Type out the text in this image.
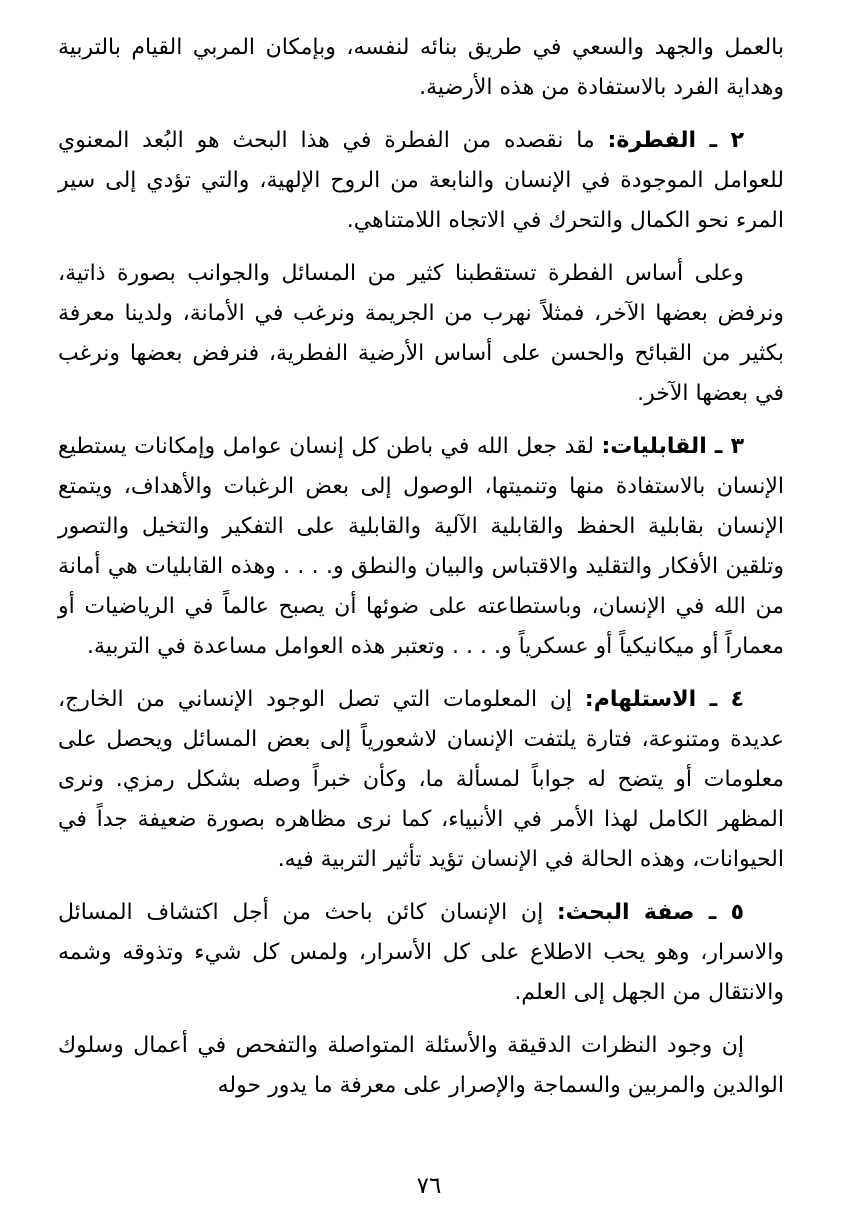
بالعمل والجهد والسعي في طريق بنائه لنفسه، وبإمكان المربي القيام بالتربية وهداية الفرد بالاستفادة من هذه الأرضية.

٢ ـ الفطرة: ما نقصده من الفطرة في هذا البحث هو البُعد المعنوي للعوامل الموجودة في الإنسان والنابعة من الروح الإلهية، والتي تؤدي إلى سير المرء نحو الكمال والتحرك في الاتجاه اللامتناهي.

وعلى أساس الفطرة تستقطبنا كثير من المسائل والجوانب بصورة ذاتية، ونرفض بعضها الآخر، فمثلاً نهرب من الجريمة ونرغب في الأمانة، ولدينا معرفة بكثير من القبائح والحسن على أساس الأرضية الفطرية، فنرفض بعضها ونرغب في بعضها الآخر.

٣ ـ القابليات: لقد جعل الله في باطن كل إنسان عوامل وإمكانات يستطيع الإنسان بالاستفادة منها وتنميتها، الوصول إلى بعض الرغبات والأهداف، ويتمتع الإنسان بقابلية الحفظ والقابلية الآلية والقابلية على التفكير والتخيل والتصور وتلقين الأفكار والتقليد والاقتباس والبيان والنطق و. . . . وهذه القابليات هي أمانة من الله في الإنسان، وباستطاعته على ضوئها أن يصبح عالماً في الرياضيات أو معماراً أو ميكانيكياً أو عسكرياً و. . . . وتعتبر هذه العوامل مساعدة في التربية.

٤ ـ الاستلهام: إن المعلومات التي تصل الوجود الإنساني من الخارج، عديدة ومتنوعة، فتارة يلتفت الإنسان لاشعورياً إلى بعض المسائل ويحصل على معلومات أو يتضح له جواباً لمسألة ما، وكأن خبراً وصله بشكل رمزي. ونرى المظهر الكامل لهذا الأمر في الأنبياء، كما نرى مظاهره بصورة ضعيفة جداً في الحيوانات، وهذه الحالة في الإنسان تؤيد تأثير التربية فيه.

٥ ـ صفة البحث: إن الإنسان كائن باحث من أجل اكتشاف المسائل والاسرار، وهو يحب الاطلاع على كل الأسرار، ولمس كل شيء وتذوقه وشمه والانتقال من الجهل إلى العلم.

إن وجود النظرات الدقيقة والأسئلة المتواصلة والتفحص في أعمال وسلوك الوالدين والمربين والسماجة والإصرار على معرفة ما يدور حوله

٧٦
